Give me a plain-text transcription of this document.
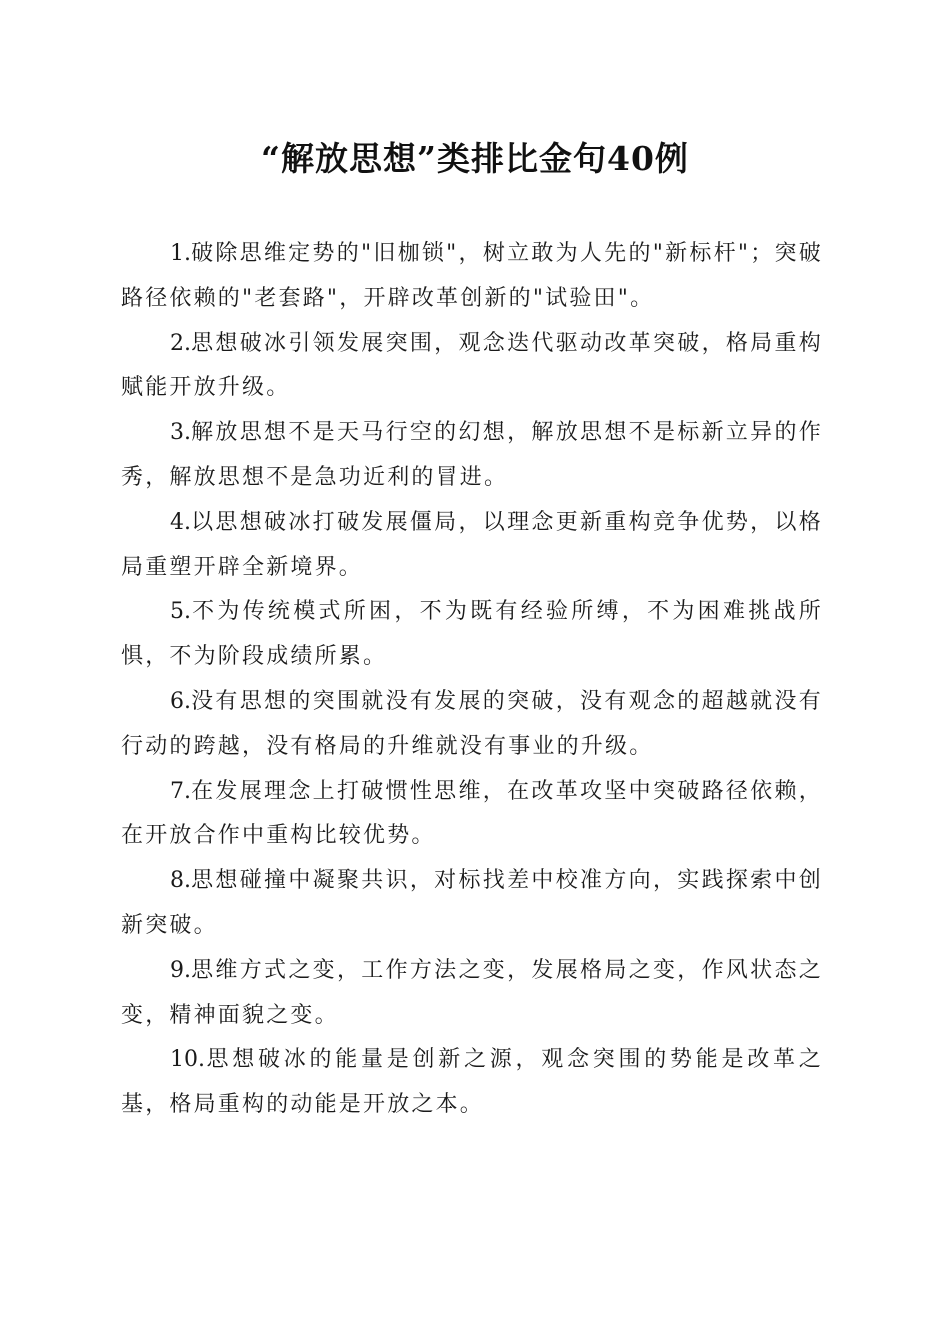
“解放思想”类排比金句40例

1.破除思维定势的"旧枷锁"，树立敢为人先的"新标杆"；突破路径依赖的"老套路"，开辟改革创新的"试验田"。

2.思想破冰引领发展突围，观念迭代驱动改革突破，格局重构赋能开放升级。

3.解放思想不是天马行空的幻想，解放思想不是标新立异的作秀，解放思想不是急功近利的冒进。

4.以思想破冰打破发展僵局，以理念更新重构竞争优势，以格局重塑开辟全新境界。

5.不为传统模式所困，不为既有经验所缚，不为困难挑战所惧，不为阶段成绩所累。

6.没有思想的突围就没有发展的突破，没有观念的超越就没有行动的跨越，没有格局的升维就没有事业的升级。

7.在发展理念上打破惯性思维，在改革攻坚中突破路径依赖，在开放合作中重构比较优势。

8.思想碰撞中凝聚共识，对标找差中校准方向，实践探索中创新突破。

9.思维方式之变，工作方法之变，发展格局之变，作风状态之变，精神面貌之变。

10.思想破冰的能量是创新之源，观念突围的势能是改革之基，格局重构的动能是开放之本。
